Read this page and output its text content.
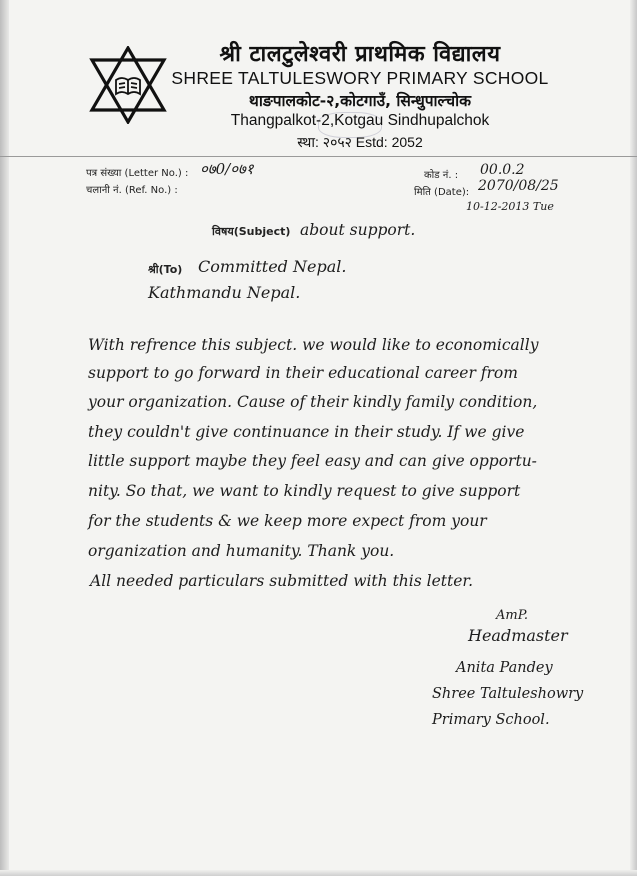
श्री टालटुलेश्वरी प्राथमिक विद्यालय
SHREE TALTULESWORY PRIMARY SCHOOL
थाङपालकोट-२,कोटगाउँ, सिन्धुपाल्चोक
Thangpalkot-2,Kotgau Sindhupalchok
स्था: २०५२ Estd: 2052
पत्र संख्या (Letter No.) : ०७0/०७१
चलानी नं. (Ref. No.) :
कोड नं. : 00.0.2
मिति (Date): 2070/08/25
10-12-2013 Tue
विषय(Subject) about support.
श्री(To) Committed Nepal.
Kathmandu Nepal.
With refrence this subject. we would like to economically
support to go forward in their educational career from
your organization. Cause of their kindly family condition,
they couldn't give continuance in their study. If we give
little support maybe they feel easy and can give opportu-
nity. So that, we want to kindly request to give support
for the students & we keep more expect from your
organization and humanity. Thank you.
All needed particulars submitted with this letter.
AmP.
Headmaster
Anita Pandey
Shree Taltuleshowry
Primary School.
